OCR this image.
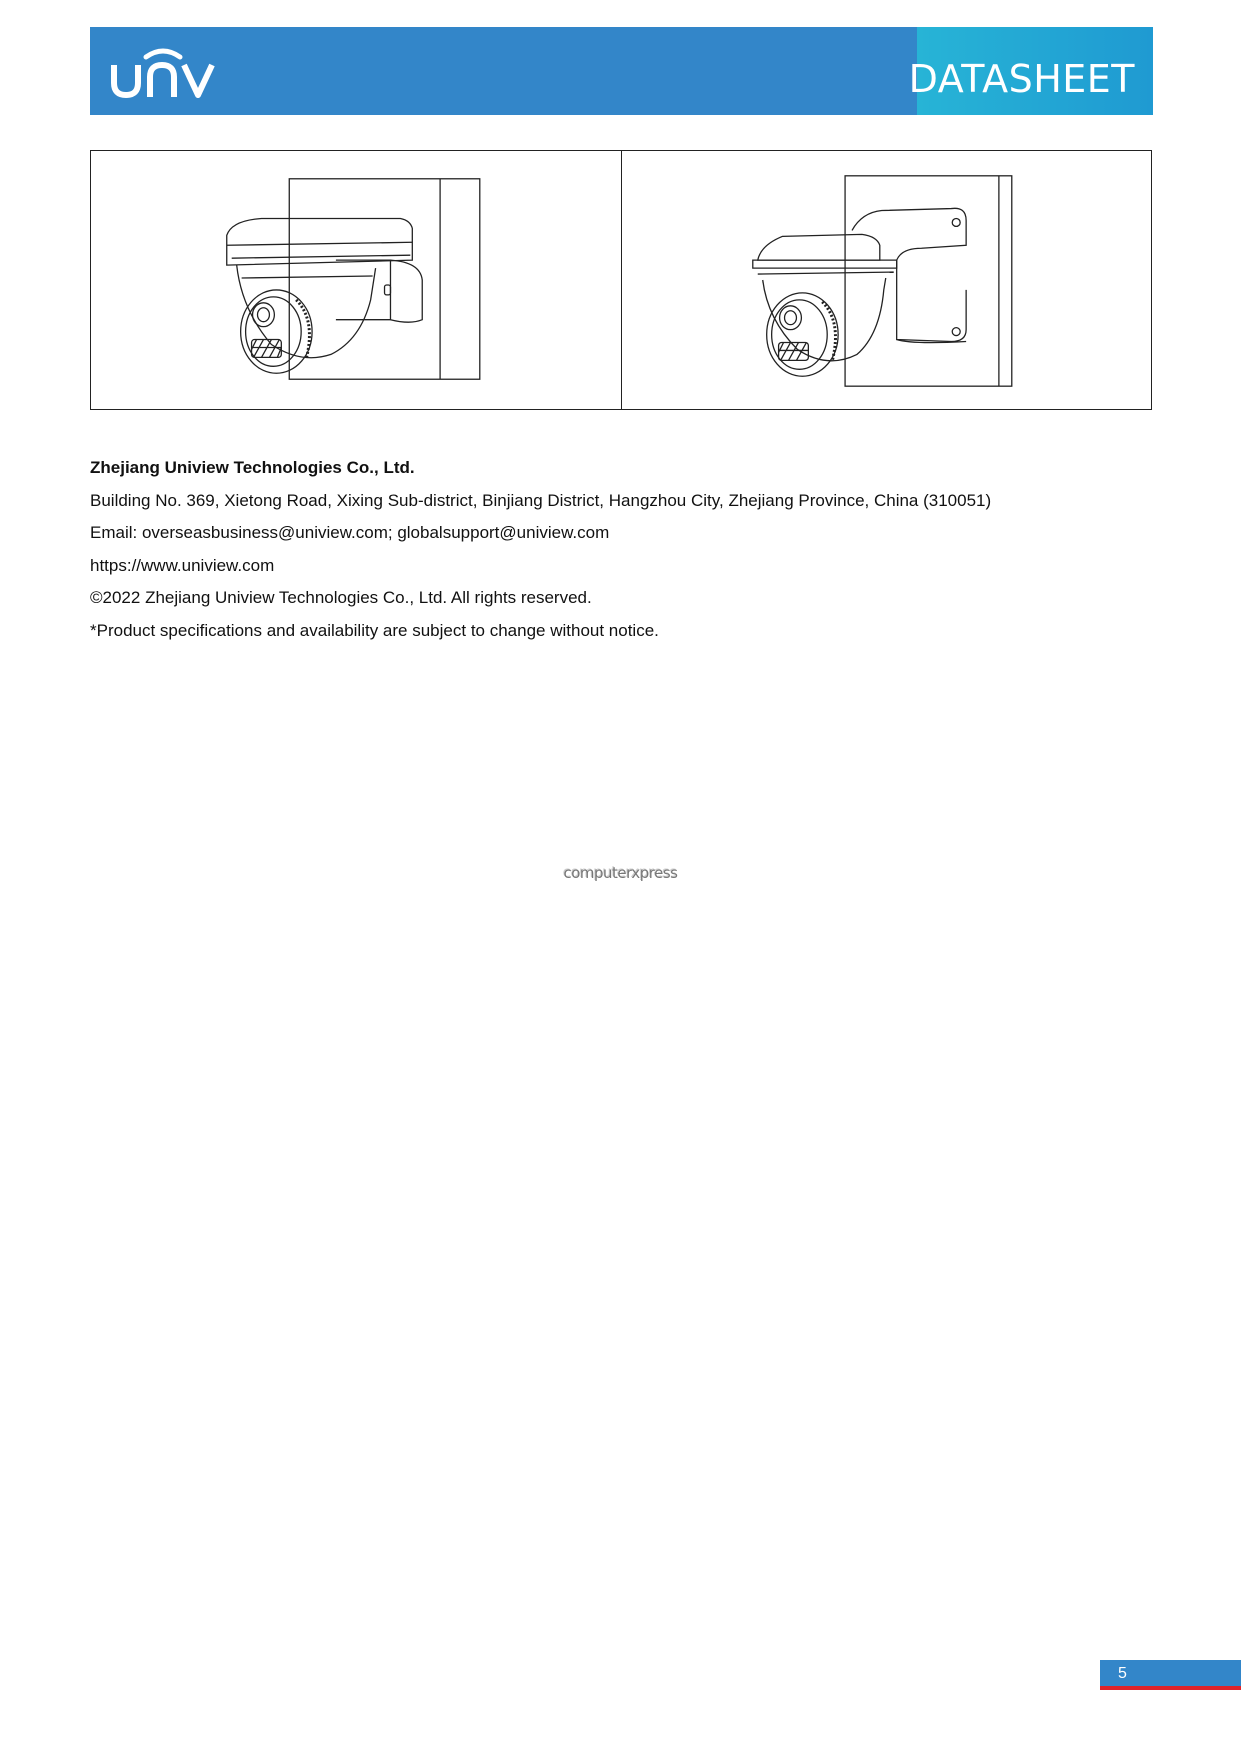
DATASHEET
Zhejiang Uniview Technologies Co., Ltd.
Building No. 369, Xietong Road, Xixing Sub-district, Binjiang District, Hangzhou City, Zhejiang Province, China (310051)
Email: overseasbusiness@uniview.com; globalsupport@uniview.com
https://www.uniview.com
©2022 Zhejiang Uniview Technologies Co., Ltd. All rights reserved.
*Product specifications and availability are subject to change without notice.
computerxpress
5
